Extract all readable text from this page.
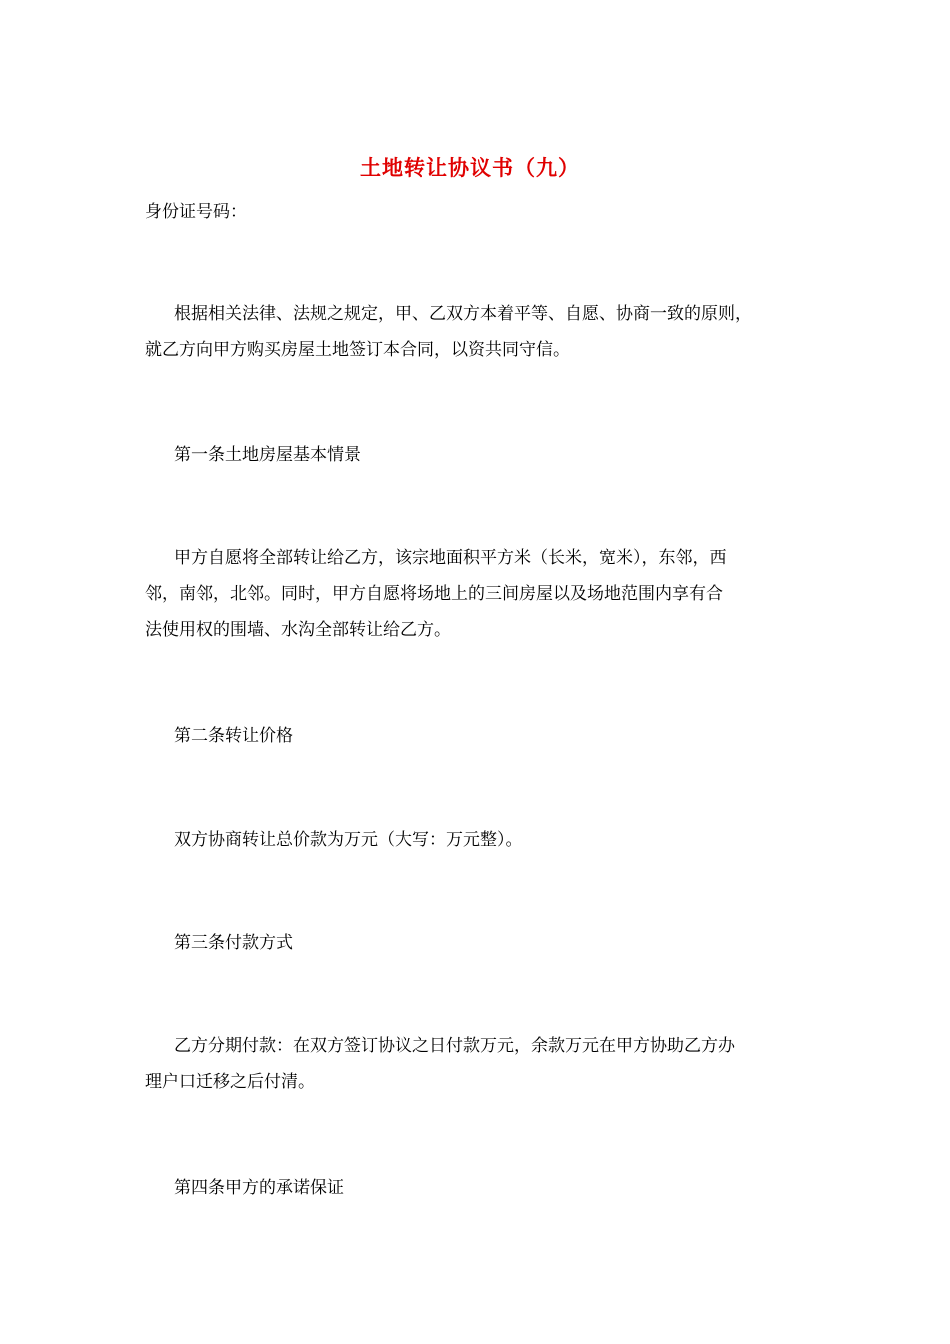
土地转让协议书（九）

身份证号码：

根据相关法律、法规之规定，甲、乙双方本着平等、自愿、协商一致的原则，
就乙方向甲方购买房屋土地签订本合同，以资共同守信。

第一条土地房屋基本情景

甲方自愿将全部转让给乙方，该宗地面积平方米（长米，宽米），东邻，西
邻，南邻，北邻。同时，甲方自愿将场地上的三间房屋以及场地范围内享有合
法使用权的围墙、水沟全部转让给乙方。

第二条转让价格

双方协商转让总价款为万元（大写：万元整）。

第三条付款方式

乙方分期付款：在双方签订协议之日付款万元，余款万元在甲方协助乙方办
理户口迁移之后付清。

第四条甲方的承诺保证
